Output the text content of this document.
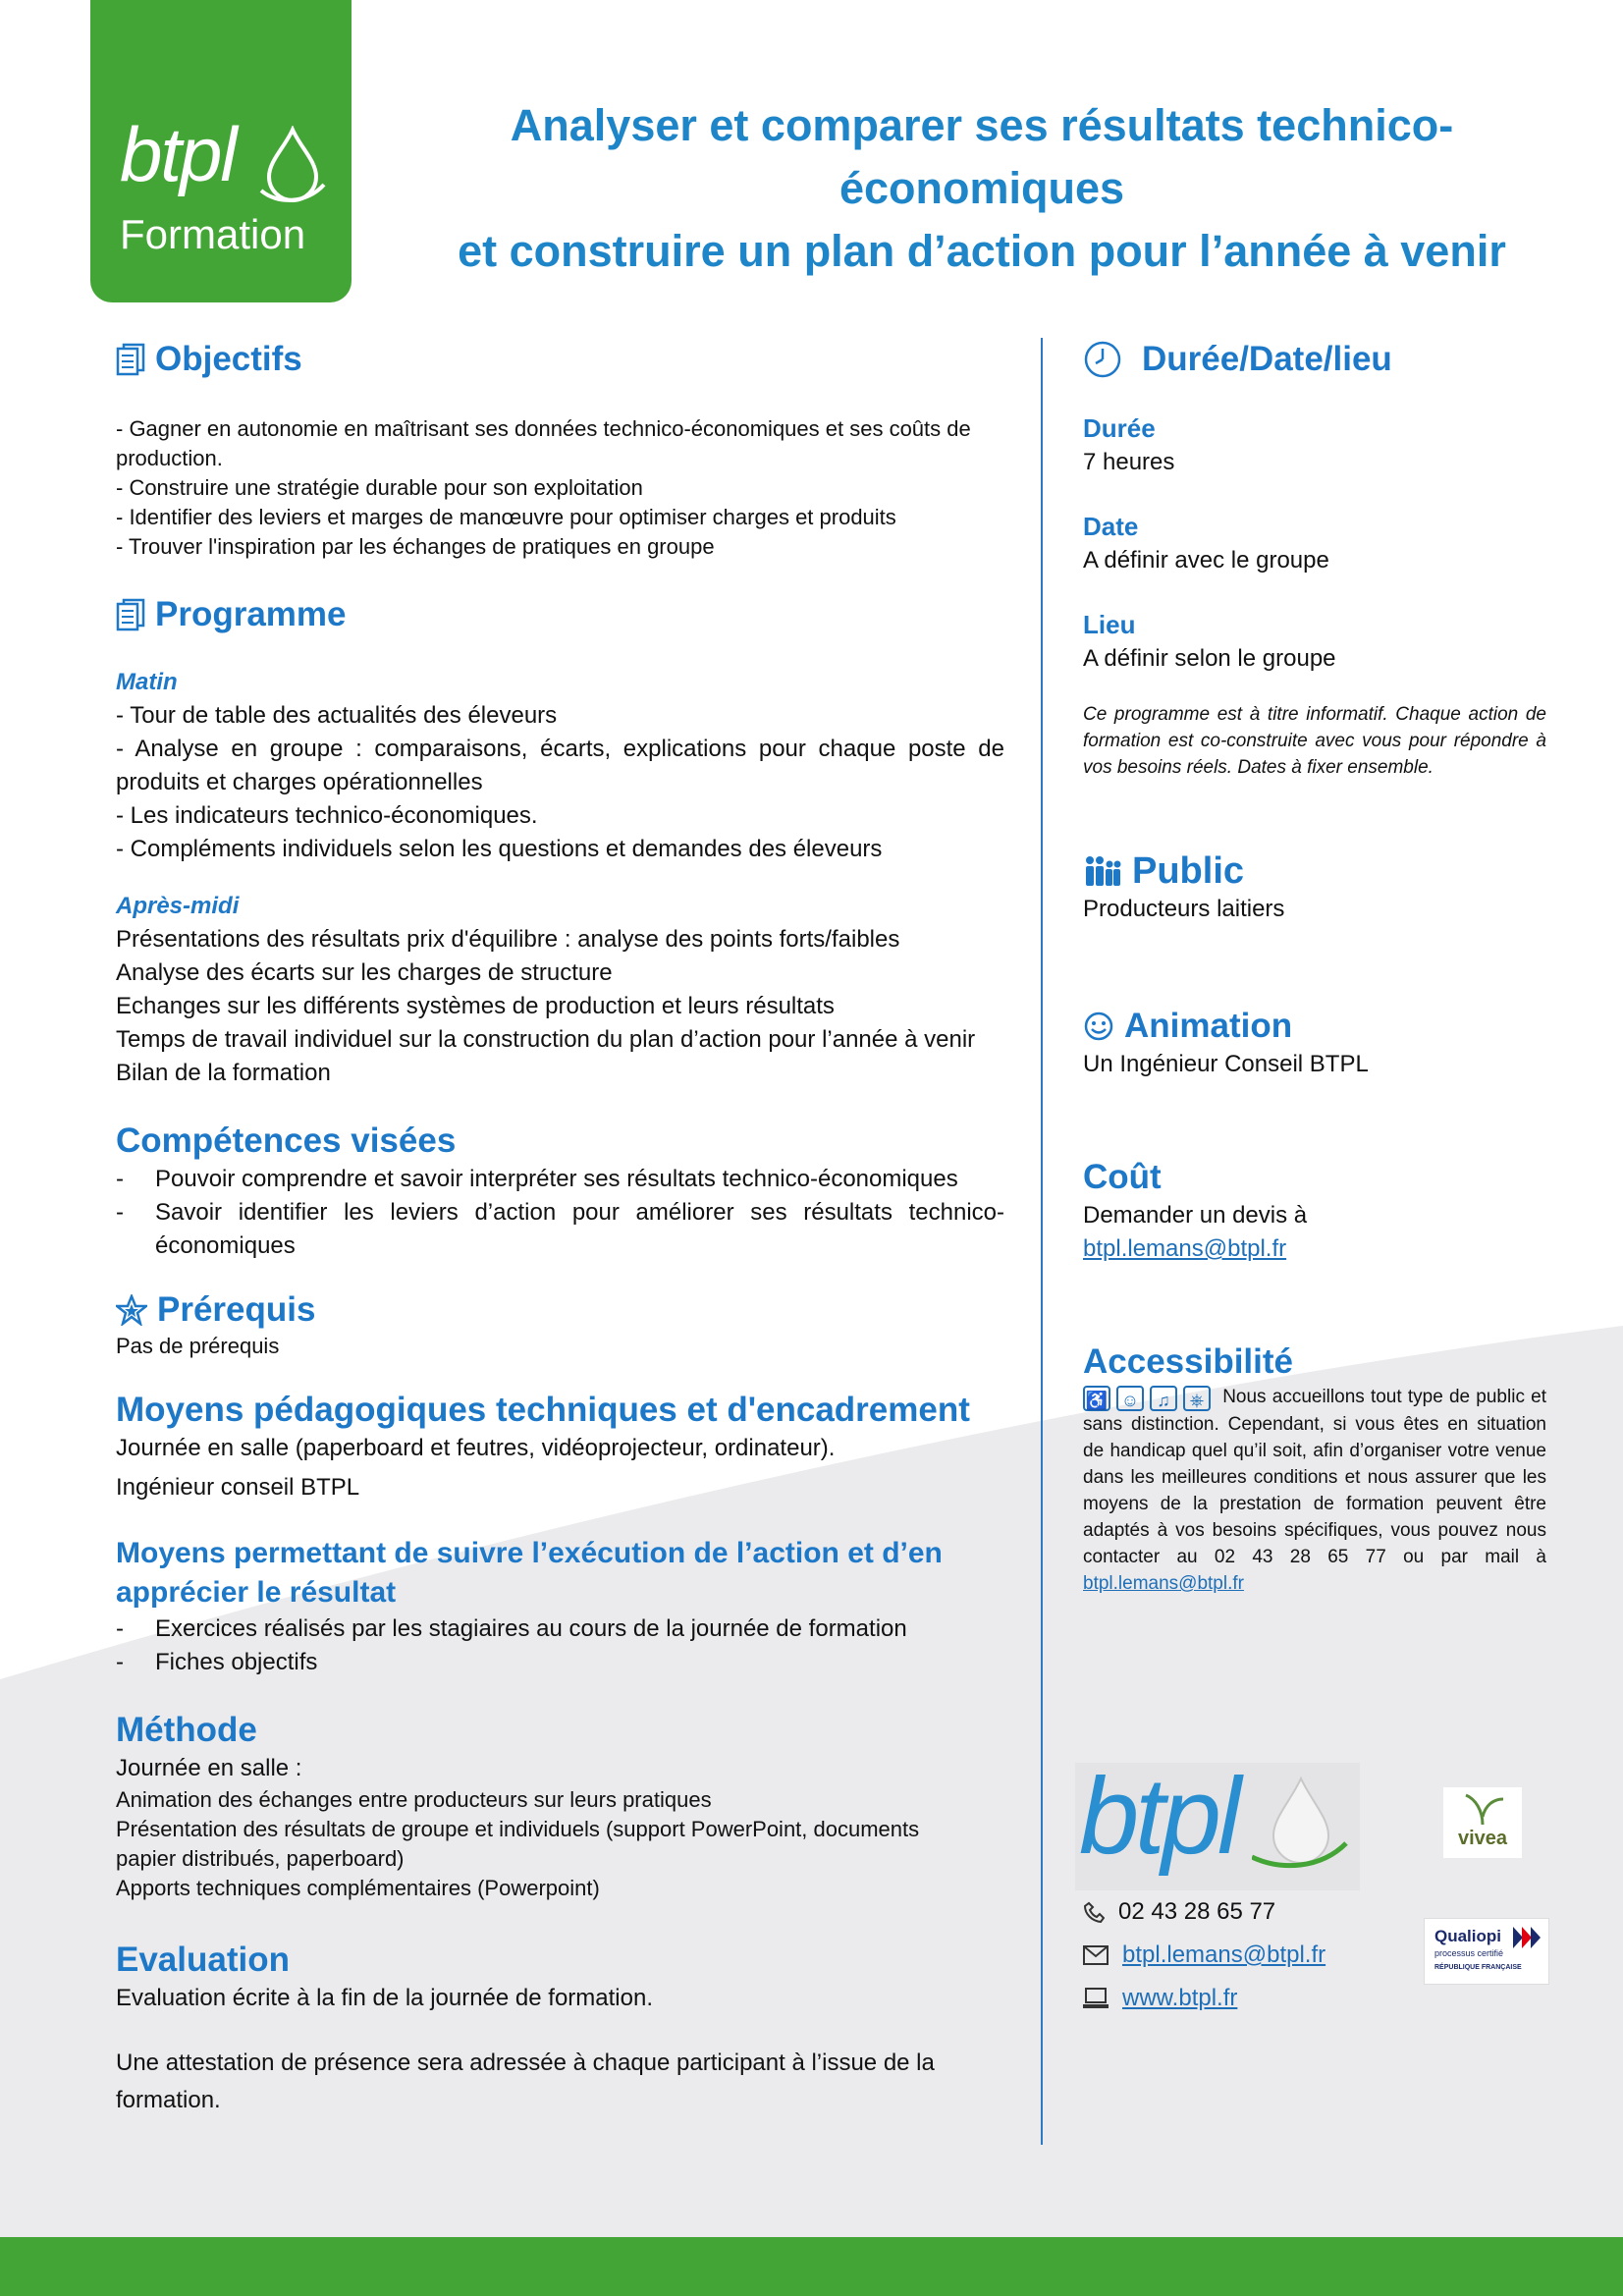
btpl
Formation
Analyser et comparer ses résultats technico-économiques
et construire un plan d’action pour l’année à venir
Objectifs
- Gagner en autonomie en maîtrisant ses données technico-économiques et ses coûts de production.
- Construire une stratégie durable pour son exploitation
- Identifier des leviers et marges de manœuvre pour optimiser charges et produits
- Trouver l'inspiration par les échanges de pratiques en groupe
Programme
Matin
- Tour de table des actualités des éleveurs
- Analyse en groupe : comparaisons, écarts, explications pour chaque poste de produits et charges opérationnelles
- Les indicateurs technico-économiques.
- Compléments individuels selon les questions et demandes des éleveurs
Après-midi
Présentations des résultats prix d'équilibre : analyse des points forts/faibles
Analyse des écarts sur les charges de structure
Echanges sur les différents systèmes de production et leurs résultats
Temps de travail individuel sur la construction du plan d’action pour l’année à venir
Bilan de la formation
Compétences visées
- Pouvoir comprendre et savoir interpréter ses résultats technico-économiques
- Savoir identifier les leviers d’action pour améliorer ses résultats technico-économiques
Prérequis
Pas de prérequis
Moyens pédagogiques techniques et d'encadrement
Journée en salle (paperboard et feutres, vidéoprojecteur, ordinateur).
Ingénieur conseil BTPL
Moyens permettant de suivre l’exécution de l’action et d’en apprécier le résultat
- Exercices réalisés par les stagiaires au cours de la journée de formation
- Fiches objectifs
Méthode
Journée en salle :
Animation des échanges entre producteurs sur leurs pratiques
Présentation des résultats de groupe et individuels (support PowerPoint, documents papier distribués, paperboard)
Apports techniques complémentaires (Powerpoint)
Evaluation
Evaluation écrite à la fin de la journée de formation.
Une attestation de présence sera adressée à chaque participant à l’issue de la formation.
Durée/Date/lieu
Durée
7 heures
Date
A définir avec le groupe
Lieu
A définir selon le groupe
Ce programme est à titre informatif. Chaque action de formation est co-construite avec vous pour répondre à vos besoins réels. Dates à fixer ensemble.
Public
Producteurs laitiers
Animation
Un Ingénieur Conseil BTPL
Coût
Demander un devis à
btpl.lemans@btpl.fr
Accessibilité
♿ ☺ ♫ ⎈ Nous accueillons tout type de public et sans distinction. Cependant, si vous êtes en situation de handicap quel qu’il soit, afin d’organiser votre venue dans les meilleures conditions et nous assurer que les moyens de la prestation de formation peuvent être adaptés à vos besoins spécifiques, vous pouvez nous contacter au 02 43 28 65 77 ou par mail à btpl.lemans@btpl.fr
btpl	vivea
02 43 28 65 77
btpl.lemans@btpl.fr
www.btpl.fr
Qualiopi
processus certifié
RÉPUBLIQUE FRANÇAISE
